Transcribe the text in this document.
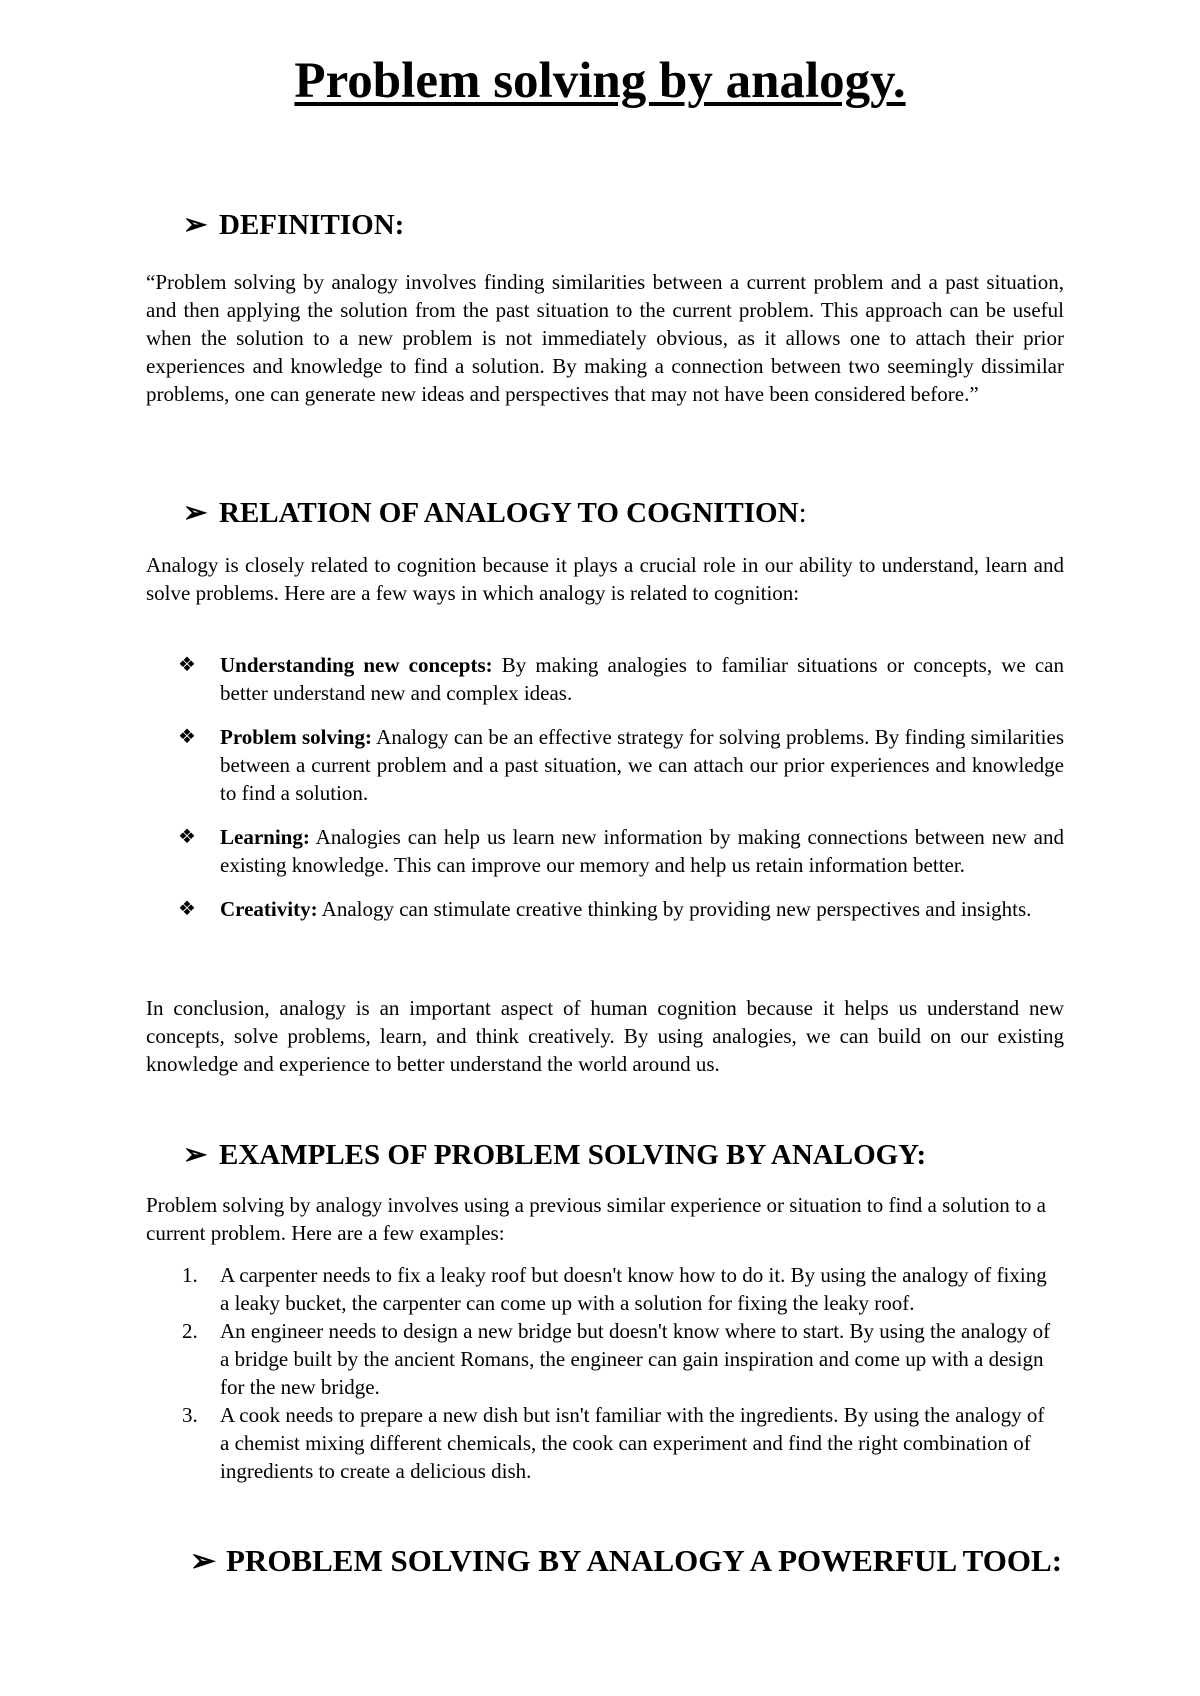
Problem solving by analogy.
➢ DEFINITION:

“Problem solving by analogy involves finding similarities between a current problem and a past situation, and then applying the solution from the past situation to the current problem. This approach can be useful when the solution to a new problem is not immediately obvious, as it allows one to attach their prior experiences and knowledge to find a solution. By making a connection between two seemingly dissimilar problems, one can generate new ideas and perspectives that may not have been considered before.”

➢ RELATION OF ANALOGY TO COGNITION:

Analogy is closely related to cognition because it plays a crucial role in our ability to understand, learn and solve problems. Here are a few ways in which analogy is related to cognition:

❖ Understanding new concepts: By making analogies to familiar situations or concepts, we can better understand new and complex ideas.
❖ Problem solving: Analogy can be an effective strategy for solving problems. By finding similarities between a current problem and a past situation, we can attach our prior experiences and knowledge to find a solution.
❖ Learning: Analogies can help us learn new information by making connections between new and existing knowledge. This can improve our memory and help us retain information better.
❖ Creativity: Analogy can stimulate creative thinking by providing new perspectives and insights.

In conclusion, analogy is an important aspect of human cognition because it helps us understand new concepts, solve problems, learn, and think creatively. By using analogies, we can build on our existing knowledge and experience to better understand the world around us.

➢ EXAMPLES OF PROBLEM SOLVING BY ANALOGY:

Problem solving by analogy involves using a previous similar experience or situation to find a solution to a current problem. Here are a few examples:

1. A carpenter needs to fix a leaky roof but doesn't know how to do it. By using the analogy of fixing a leaky bucket, the carpenter can come up with a solution for fixing the leaky roof.
2. An engineer needs to design a new bridge but doesn't know where to start. By using the analogy of a bridge built by the ancient Romans, the engineer can gain inspiration and come up with a design for the new bridge.
3. A cook needs to prepare a new dish but isn't familiar with the ingredients. By using the analogy of a chemist mixing different chemicals, the cook can experiment and find the right combination of ingredients to create a delicious dish.
➢ PROBLEM SOLVING BY ANALOGY A POWERFUL TOOL:
